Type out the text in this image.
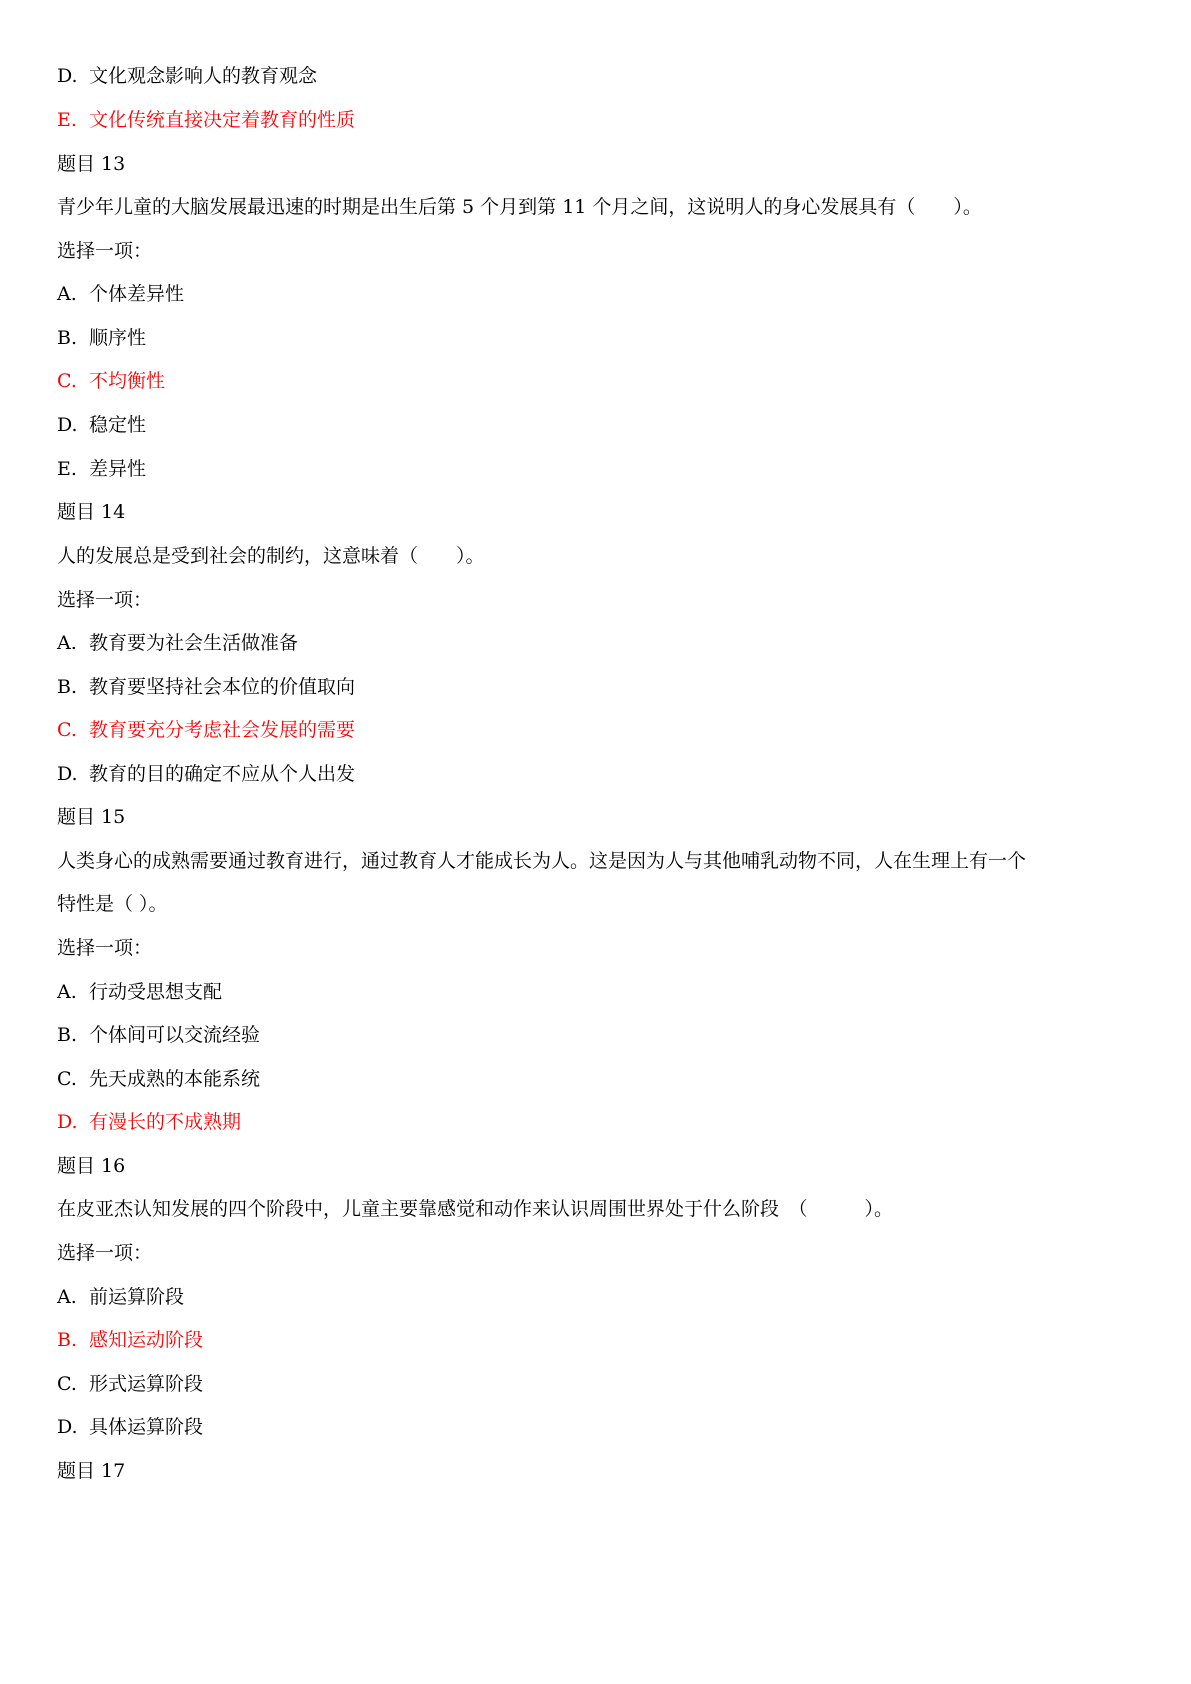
D. 文化观念影响人的教育观念
E. 文化传统直接决定着教育的性质
题目 13
青少年儿童的大脑发展最迅速的时期是出生后第 5 个月到第 11 个月之间，这说明人的身心发展具有（　　）。
选择一项：
A. 个体差异性
B. 顺序性
C. 不均衡性
D. 稳定性
E. 差异性
题目 14
人的发展总是受到社会的制约，这意味着（　　）。
选择一项：
A. 教育要为社会生活做准备
B. 教育要坚持社会本位的价值取向
C. 教育要充分考虑社会发展的需要
D. 教育的目的确定不应从个人出发
题目 15
人类身心的成熟需要通过教育进行，通过教育人才能成长为人。这是因为人与其他哺乳动物不同，人在生理上有一个
特性是（ ）。
选择一项：
A. 行动受思想支配
B. 个体间可以交流经验
C. 先天成熟的本能系统
D. 有漫长的不成熟期
题目 16
在皮亚杰认知发展的四个阶段中，儿童主要靠感觉和动作来认识周围世界处于什么阶段　（　　　）。
选择一项：
A. 前运算阶段
B. 感知运动阶段
C. 形式运算阶段
D. 具体运算阶段
题目 17
